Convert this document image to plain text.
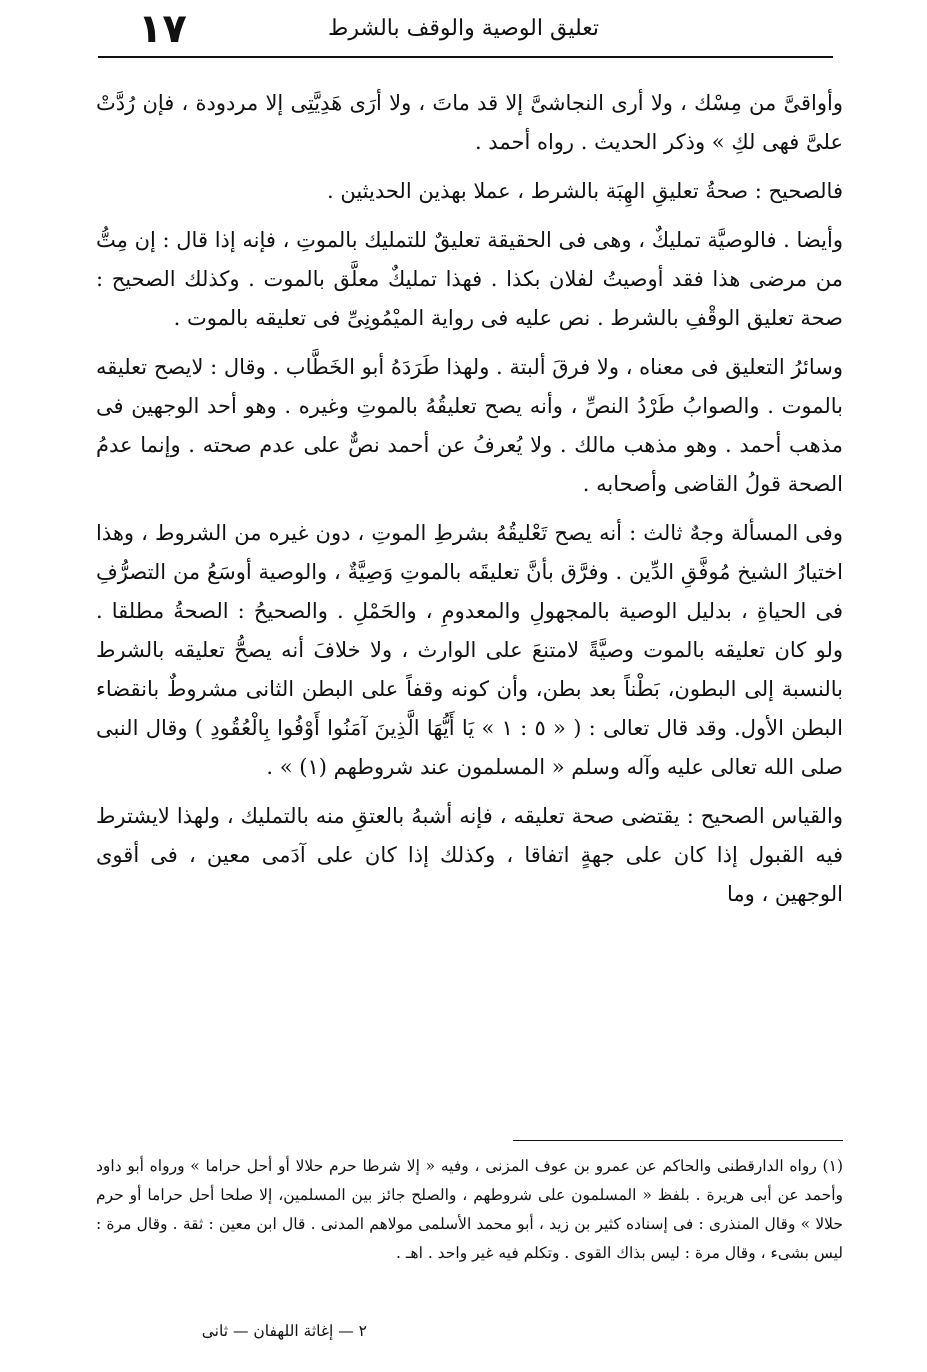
١٧	تعليق الوصية والوقف بالشرط

وأواقىَّ من مِسْك ، ولا أرى النجاشىَّ إلا قد ماتَ ، ولا أرَى هَدِيَّتِى إلا مردودة ، فإن رُدَّتْ علىَّ فهى لكِ » وذكر الحديث . رواه أحمد .

فالصحيح : صحةُ تعليقِ الهِبَة بالشرط ، عملا بهذين الحديثين .

وأيضا . فالوصيَّة تمليكٌ ، وهى فى الحقيقة تعليقٌ للتمليك بالموتِ ، فإنه إذا قال : إن مِتُّ من مرضى هذا فقد أوصيتُ لفلان بكذا . فهذا تمليكٌ معلَّق بالموت . وكذلك الصحيح : صحة تعليق الوقْفِ بالشرط . نص عليه فى رواية الميْمُونِىِّ فى تعليقه بالموت .

وسائرُ التعليق فى معناه ، ولا فرقَ ألبتة . ولهذا طَرَدَهُ أبو الخَطَّاب . وقال : لايصح تعليقه بالموت . والصوابُ طَرْدُ النصِّ ، وأنه يصح تعليقُهُ بالموتِ وغيره . وهو أحد الوجهين فى مذهب أحمد . وهو مذهب مالك . ولا يُعرفُ عن أحمد نصٌّ على عدم صحته . وإنما عدمُ الصحة قولُ القاضى وأصحابه .

وفى المسألة وجهٌ ثالث : أنه يصح تَعْليقُهُ بشرطِ الموتِ ، دون غيره من الشروط ، وهذا اختيارُ الشيخ مُوفَّقِ الدِّين . وفرَّق بأنَّ تعليقَه بالموتِ وَصِيَّةٌ ، والوصية أوسَعُ من التصرُّفِ فى الحياةِ ، بدليل الوصية بالمجهولِ والمعدومِ ، والحَمْلِ . والصحيحُ : الصحةُ مطلقا . ولو كان تعليقه بالموت وصيَّةً لامتنعَ على الوارث ، ولا خلافَ أنه يصحُّ تعليقه بالشرط بالنسبة إلى البطون، بَطْناً بعد بطن، وأن كونه وقفاً على البطن الثانى مشروطٌ بانقضاء البطن الأول. وقد قال تعالى : ( « ٥ : ١ » يَا أَيُّهَا الَّذِينَ آمَنُوا أَوْفُوا بِالْعُقُودِ ) وقال النبى صلى الله تعالى عليه وآله وسلم « المسلمون عند شروطهم (١) » .

والقياس الصحيح : يقتضى صحة تعليقه ، فإنه أشبهُ بالعتقِ منه بالتمليك ، ولهذا لايشترط فيه القبول إذا كان على جهةٍ اتفاقا ، وكذلك إذا كان على آدَمى معين ، فى أقوى الوجهين ، وما

(١) رواه الدارقطنى والحاكم عن عمرو بن عوف المزنى ، وفيه « إلا شرطا حرم حلالا أو أحل حراما » ورواه أبو داود وأحمد عن أبى هريرة . بلفظ « المسلمون على شروطهم ، والصلح جائز بين المسلمين، إلا صلحا أحل حراما أو حرم حلالا » وقال المنذرى : فى إسناده كثير بن زيد ، أبو محمد الأسلمى مولاهم المدنى . قال ابن معين : ثقة . وقال مرة : ليس بشىء ، وقال مرة : ليس بذاك القوى . وتكلم فيه غير واحد . اهـ .

٢ — إغاثة اللهفان — ثانى
